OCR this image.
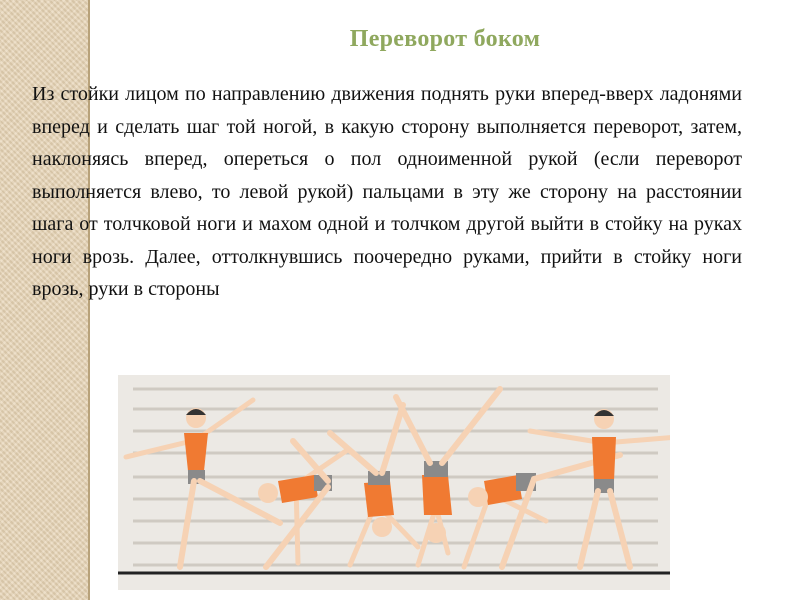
Переворот боком

Из стойки лицом по направлению движения поднять руки вперед-вверх ладонями вперед и сделать шаг той ногой, в какую сторону выполняется переворот, затем, наклоняясь вперед, опереться о пол одноименной рукой (если переворот выполняется влево, то левой рукой) пальцами в эту же сторону на расстоянии шага от толчковой ноги и махом одной и толчком другой выйти в стойку на руках ноги врозь. Далее, оттолкнувшись поочередно руками, прийти в стойку ноги врозь, руки в стороны
